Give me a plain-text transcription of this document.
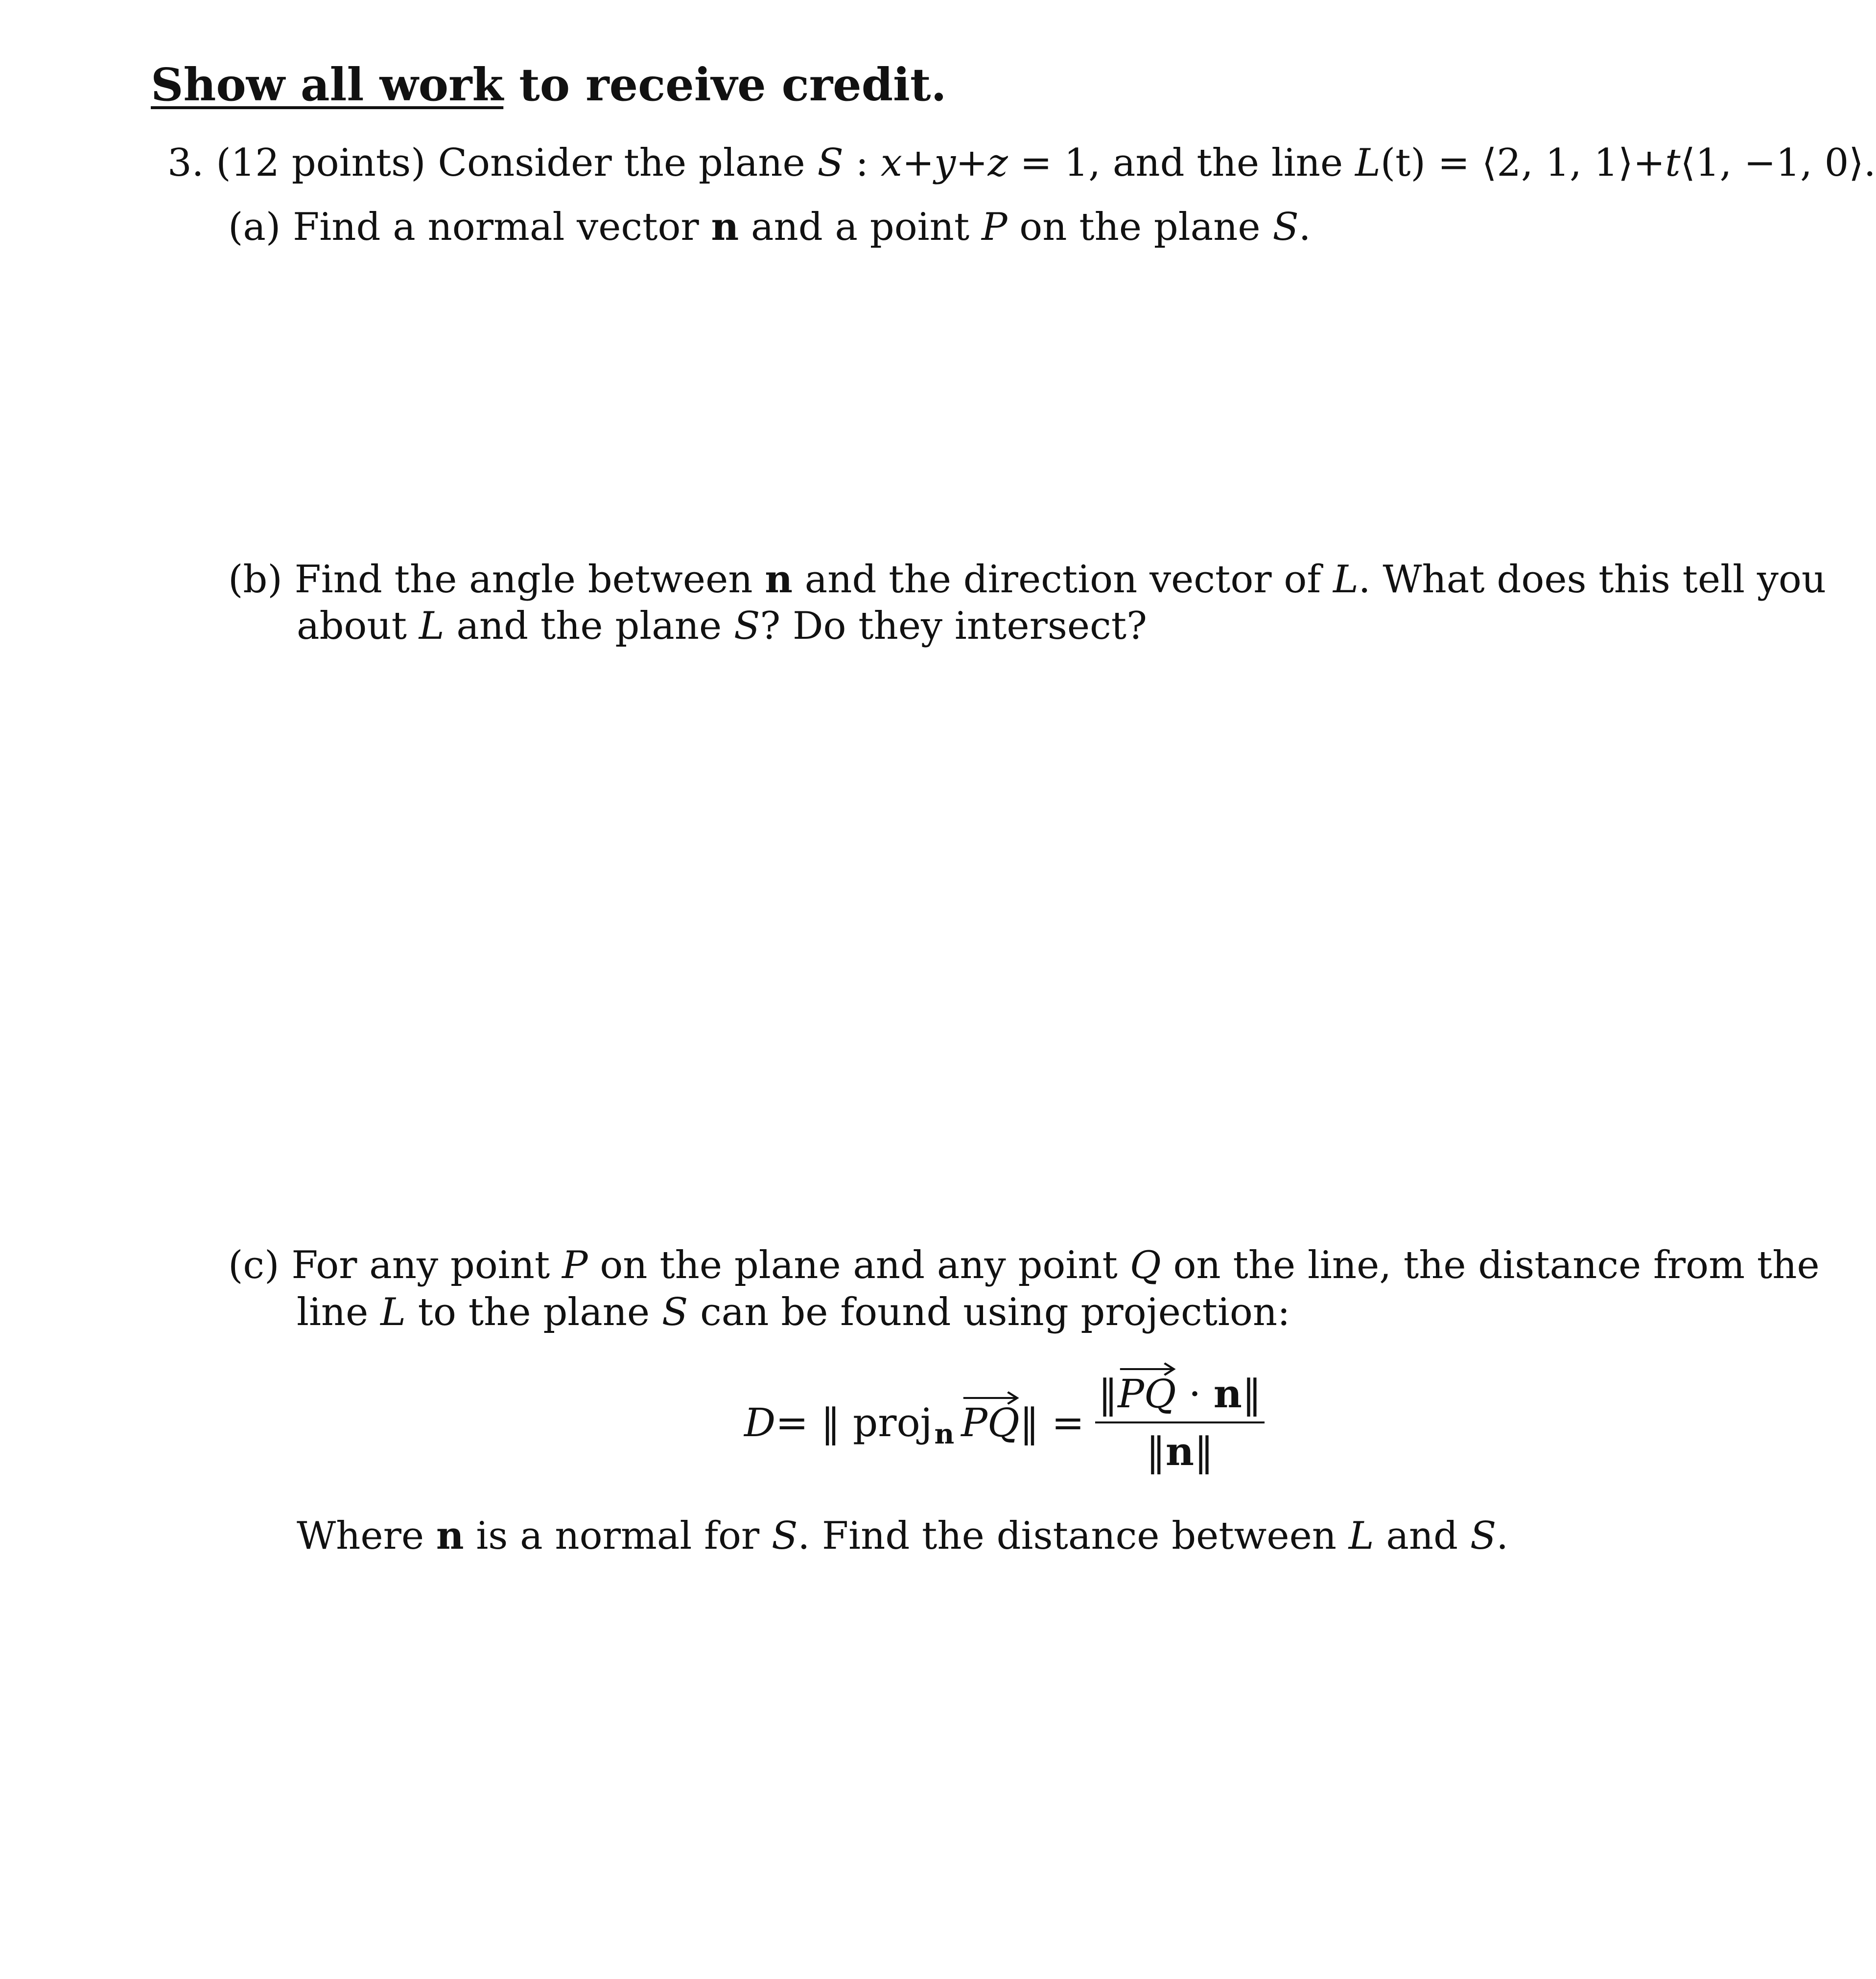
Show all work to receive credit.
3. (12 points) Consider the plane S : x+y+z = 1, and the line L(t) = ⟨2, 1, 1⟩+t⟨1, −1, 0⟩.
(a) Find a normal vector n and a point P on the plane S.
(b) Find the angle between n and the direction vector of L. What does this tell you
about L and the plane S? Do they intersect?
(c) For any point P on the plane and any point Q on the line, the distance from the
line L to the plane S can be found using projection:
D = ‖ proj n PQ ‖ = ‖
PQ · n‖
‖n‖
Where n is a normal for S. Find the distance between L and S.
